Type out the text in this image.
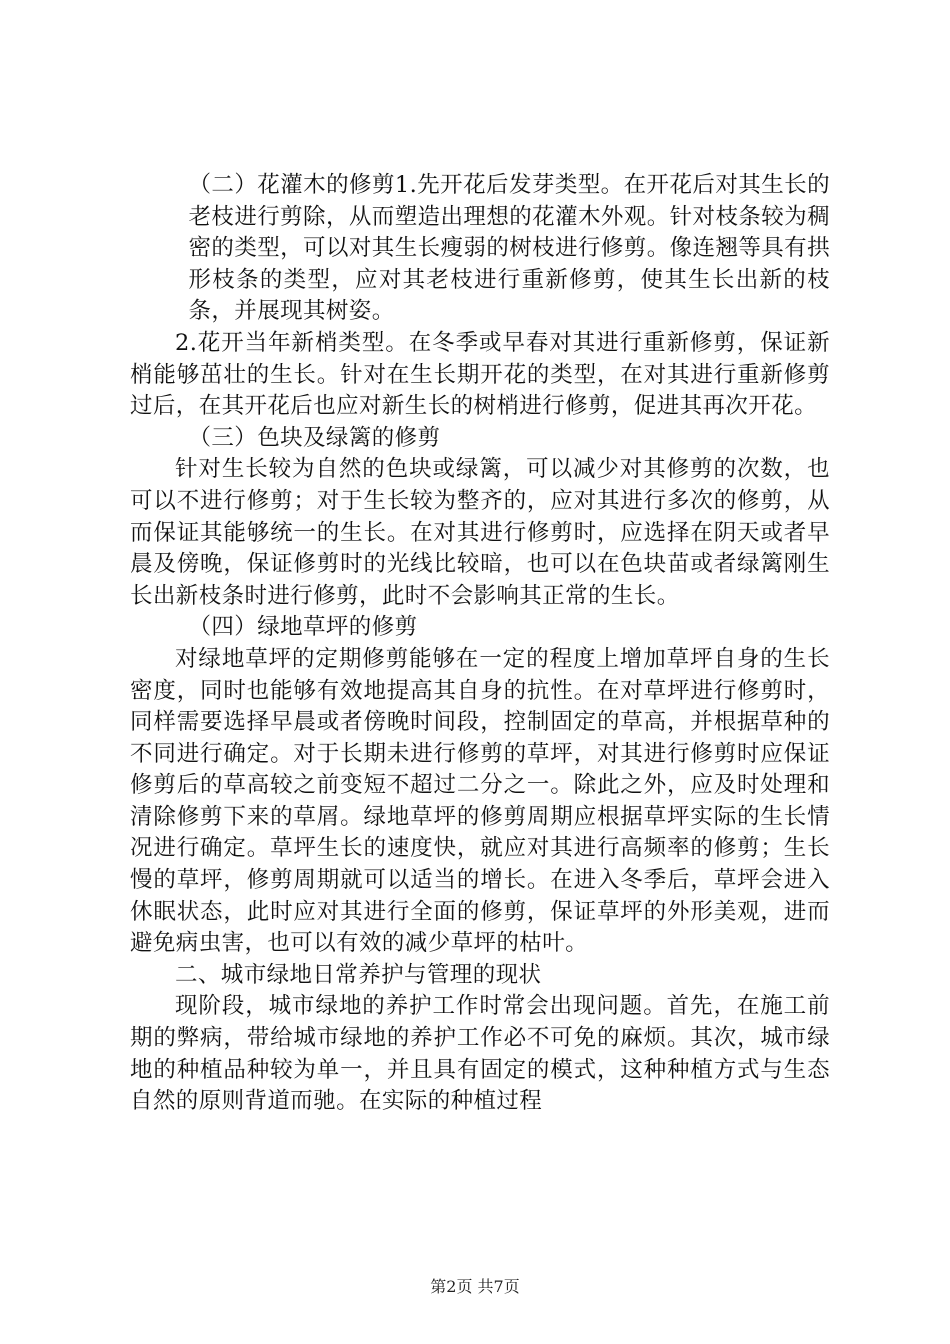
（二）花灌木的修剪1.先开花后发芽类型。在开花后对其生长的老枝进行剪除，从而塑造出理想的花灌木外观。针对枝条较为稠密的类型，可以对其生长瘦弱的树枝进行修剪。像连翘等具有拱形枝条的类型，应对其老枝进行重新修剪，使其生长出新的枝条，并展现其树姿。

2.花开当年新梢类型。在冬季或早春对其进行重新修剪，保证新梢能够茁壮的生长。针对在生长期开花的类型，在对其进行重新修剪过后，在其开花后也应对新生长的树梢进行修剪，促进其再次开花。

（三）色块及绿篱的修剪

针对生长较为自然的色块或绿篱，可以减少对其修剪的次数，也可以不进行修剪；对于生长较为整齐的，应对其进行多次的修剪，从而保证其能够统一的生长。在对其进行修剪时，应选择在阴天或者早晨及傍晚，保证修剪时的光线比较暗，也可以在色块苗或者绿篱刚生长出新枝条时进行修剪，此时不会影响其正常的生长。

（四）绿地草坪的修剪

对绿地草坪的定期修剪能够在一定的程度上增加草坪自身的生长密度，同时也能够有效地提高其自身的抗性。在对草坪进行修剪时，同样需要选择早晨或者傍晚时间段，控制固定的草高，并根据草种的不同进行确定。对于长期未进行修剪的草坪，对其进行修剪时应保证修剪后的草高较之前变短不超过二分之一。除此之外，应及时处理和清除修剪下来的草屑。绿地草坪的修剪周期应根据草坪实际的生长情况进行确定。草坪生长的速度快，就应对其进行高频率的修剪；生长慢的草坪，修剪周期就可以适当的增长。在进入冬季后，草坪会进入休眠状态，此时应对其进行全面的修剪，保证草坪的外形美观，进而避免病虫害，也可以有效的减少草坪的枯叶。

二、城市绿地日常养护与管理的现状

现阶段，城市绿地的养护工作时常会出现问题。首先，在施工前期的弊病，带给城市绿地的养护工作必不可免的麻烦。其次，城市绿地的种植品种较为单一，并且具有固定的模式，这种种植方式与生态自然的原则背道而驰。在实际的种植过程

第2页 共7页
